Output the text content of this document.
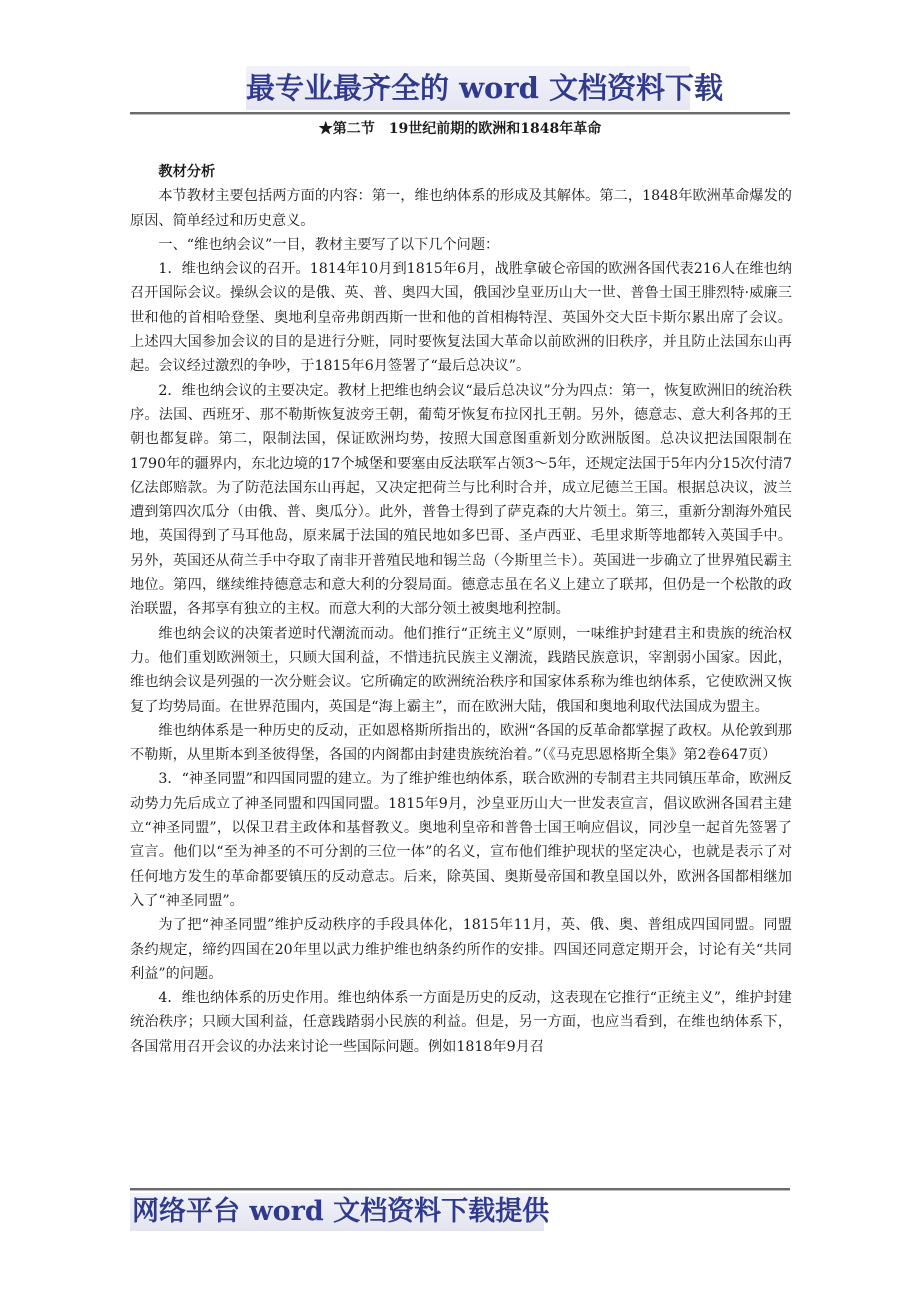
最专业最齐全的 word 文档资料下载
★第二节　19世纪前期的欧洲和1848年革命
教材分析

本节教材主要包括两方面的内容：第一，维也纳体系的形成及其解体。第二，1848年欧洲革命爆发的原因、简单经过和历史意义。

一、“维也纳会议”一目，教材主要写了以下几个问题：

1．维也纳会议的召开。1814年10月到1815年6月，战胜拿破仑帝国的欧洲各国代表216人在维也纳召开国际会议。操纵会议的是俄、英、普、奥四大国，俄国沙皇亚历山大一世、普鲁士国王腓烈特·威廉三世和他的首相哈登堡、奥地利皇帝弗朗西斯一世和他的首相梅特涅、英国外交大臣卡斯尔累出席了会议。上述四大国参加会议的目的是进行分赃，同时要恢复法国大革命以前欧洲的旧秩序，并且防止法国东山再起。会议经过激烈的争吵，于1815年6月签署了“最后总决议”。

2．维也纳会议的主要决定。教材上把维也纳会议“最后总决议”分为四点：第一，恢复欧洲旧的统治秩序。法国、西班牙、那不勒斯恢复波旁王朝，葡萄牙恢复布拉冈扎王朝。另外，德意志、意大利各邦的王朝也都复辟。第二，限制法国，保证欧洲均势，按照大国意图重新划分欧洲版图。总决议把法国限制在1790年的疆界内，东北边境的17个城堡和要塞由反法联军占领3～5年，还规定法国于5年内分15次付清7亿法郎赔款。为了防范法国东山再起，又决定把荷兰与比利时合并，成立尼德兰王国。根据总决议，波兰遭到第四次瓜分（由俄、普、奥瓜分）。此外，普鲁士得到了萨克森的大片领土。第三，重新分割海外殖民地，英国得到了马耳他岛，原来属于法国的殖民地如多巴哥、圣卢西亚、毛里求斯等地都转入英国手中。另外，英国还从荷兰手中夺取了南非开普殖民地和锡兰岛（今斯里兰卡）。英国进一步确立了世界殖民霸主地位。第四，继续维持德意志和意大利的分裂局面。德意志虽在名义上建立了联邦，但仍是一个松散的政治联盟，各邦享有独立的主权。而意大利的大部分领土被奥地利控制。

维也纳会议的决策者逆时代潮流而动。他们推行“正统主义”原则，一味维护封建君主和贵族的统治权力。他们重划欧洲领土，只顾大国利益，不惜违抗民族主义潮流，践踏民族意识，宰割弱小国家。因此，维也纳会议是列强的一次分赃会议。它所确定的欧洲统治秩序和国家体系称为维也纳体系，它使欧洲又恢复了均势局面。在世界范围内，英国是“海上霸主”，而在欧洲大陆，俄国和奥地利取代法国成为盟主。

维也纳体系是一种历史的反动，正如恩格斯所指出的，欧洲“各国的反革命都掌握了政权。从伦敦到那不勒斯，从里斯本到圣彼得堡，各国的内阁都由封建贵族统治着。”（《马克思恩格斯全集》第2卷647页）

3．“神圣同盟”和四国同盟的建立。为了维护维也纳体系，联合欧洲的专制君主共同镇压革命，欧洲反动势力先后成立了神圣同盟和四国同盟。1815年9月，沙皇亚历山大一世发表宣言，倡议欧洲各国君主建立“神圣同盟”，以保卫君主政体和基督教义。奥地利皇帝和普鲁士国王响应倡议，同沙皇一起首先签署了宣言。他们以“至为神圣的不可分割的三位一体”的名义，宣布他们维护现状的坚定决心，也就是表示了对任何地方发生的革命都要镇压的反动意志。后来，除英国、奥斯曼帝国和教皇国以外，欧洲各国都相继加入了“神圣同盟”。

为了把“神圣同盟”维护反动秩序的手段具体化，1815年11月，英、俄、奥、普组成四国同盟。同盟条约规定，缔约四国在20年里以武力维护维也纳条约所作的安排。四国还同意定期开会，讨论有关“共同利益”的问题。

4．维也纳体系的历史作用。维也纳体系一方面是历史的反动，这表现在它推行“正统主义”，维护封建统治秩序；只顾大国利益，任意践踏弱小民族的利益。但是，另一方面，也应当看到，在维也纳体系下，各国常用召开会议的办法来讨论一些国际问题。例如1818年9月召

网络平台 word 文档资料下载提供
